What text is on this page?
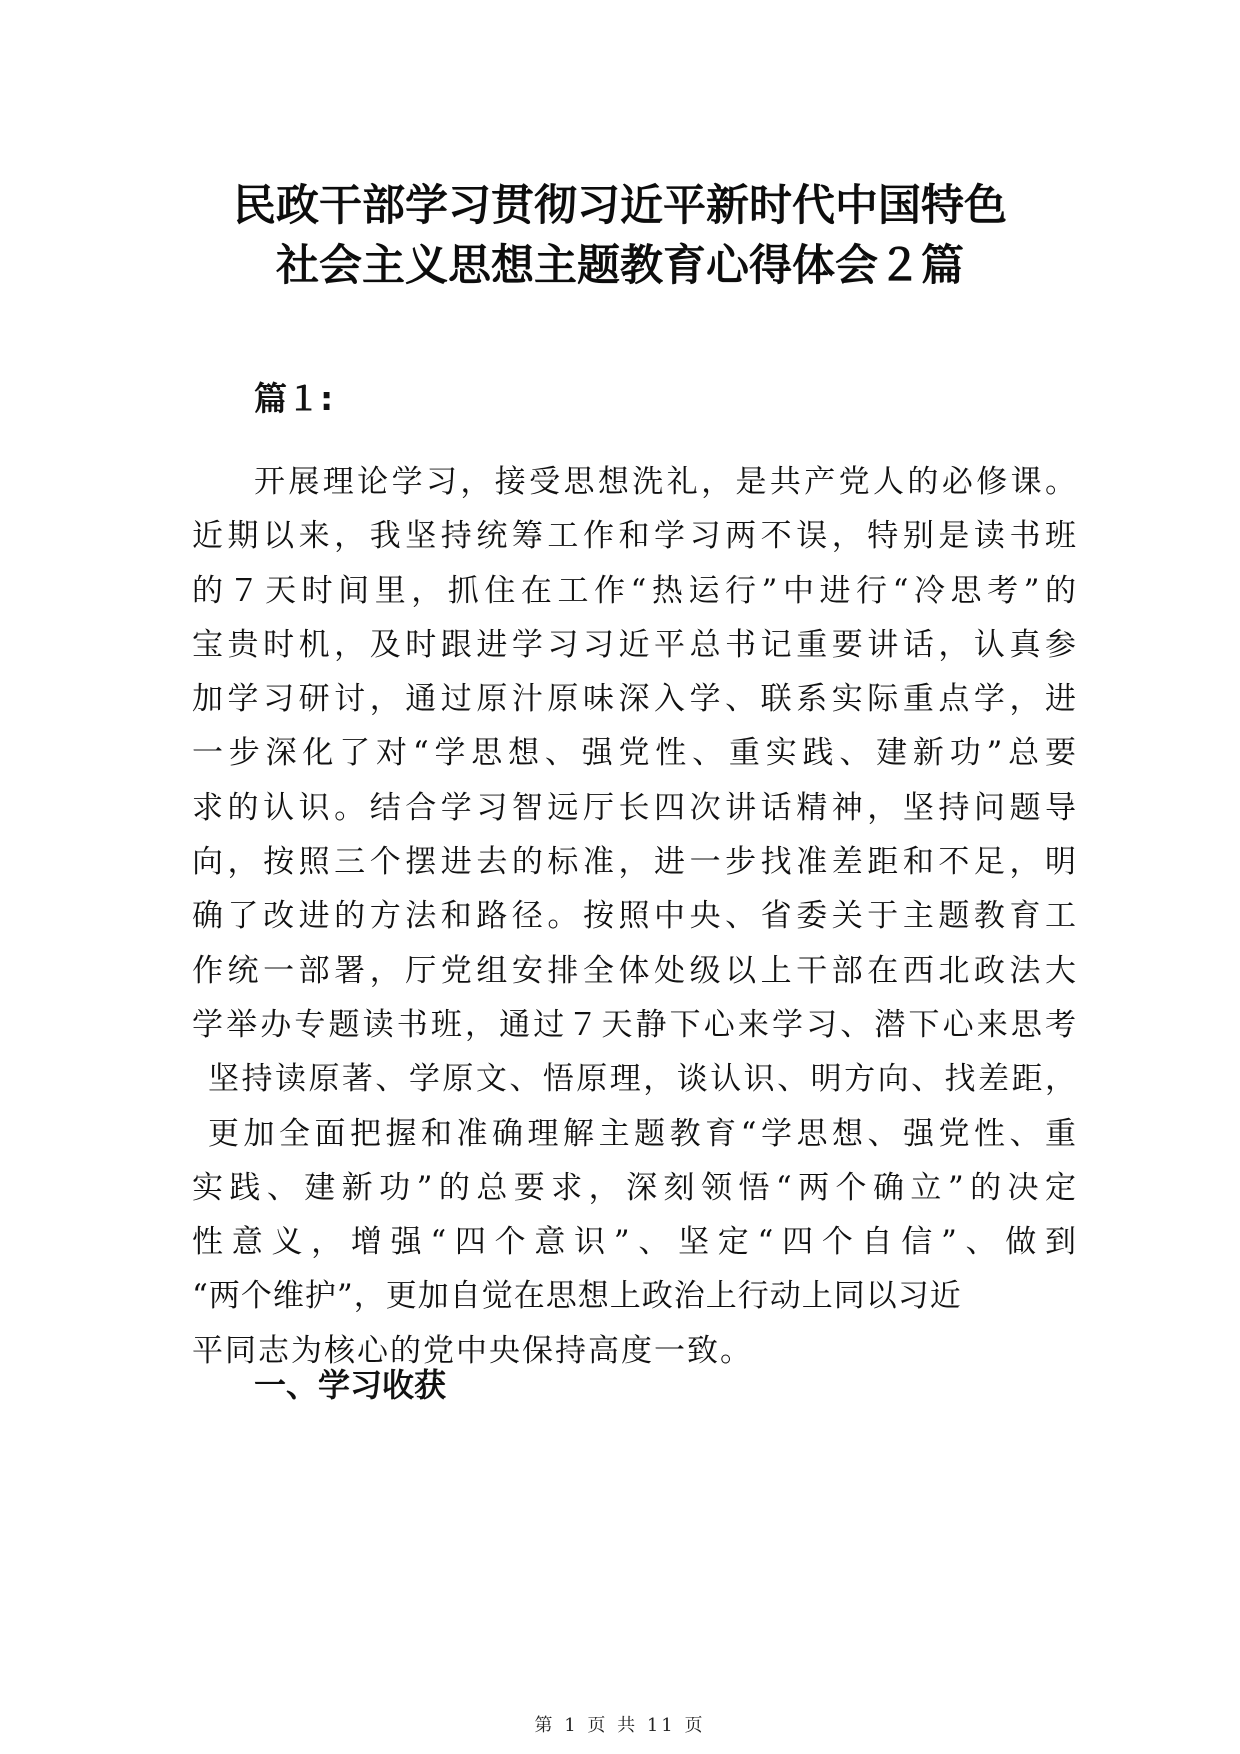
民政干部学习贯彻习近平新时代中国特色
社会主义思想主题教育心得体会２篇
篇１:
开展理论学习，接受思想洗礼，是共产党人的必修课。
近期以来，我坚持统筹工作和学习两不误，特别是读书班
的７天时间里，抓住在工作“热运行”中进行“冷思考”的
宝贵时机，及时跟进学习习近平总书记重要讲话，认真参
加学习研讨，通过原汁原味深入学、联系实际重点学，进
一步深化了对“学思想、强党性、重实践、建新功”总要
求的认识。结合学习智远厅长四次讲话精神，坚持问题导
向，按照三个摆进去的标准，进一步找准差距和不足，明
确了改进的方法和路径。按照中央、省委关于主题教育工
作统一部署，厅党组安排全体处级以上干部在西北政法大
学举办专题读书班，通过７天静下心来学习、潜下心来思考
坚持读原著、学原文、悟原理，谈认识、明方向、找差距，
更加全面把握和准确理解主题教育“学思想、强党性、重
实践、建新功”的总要求，深刻领悟“两个确立”的决定
性意义，增强“四个意识”、坚定“四个自信”、做到
“两个维护”，更加自觉在思想上政治上行动上同以习近
平同志为核心的党中央保持高度一致。
一、学习收获
第 1 页 共 11 页
